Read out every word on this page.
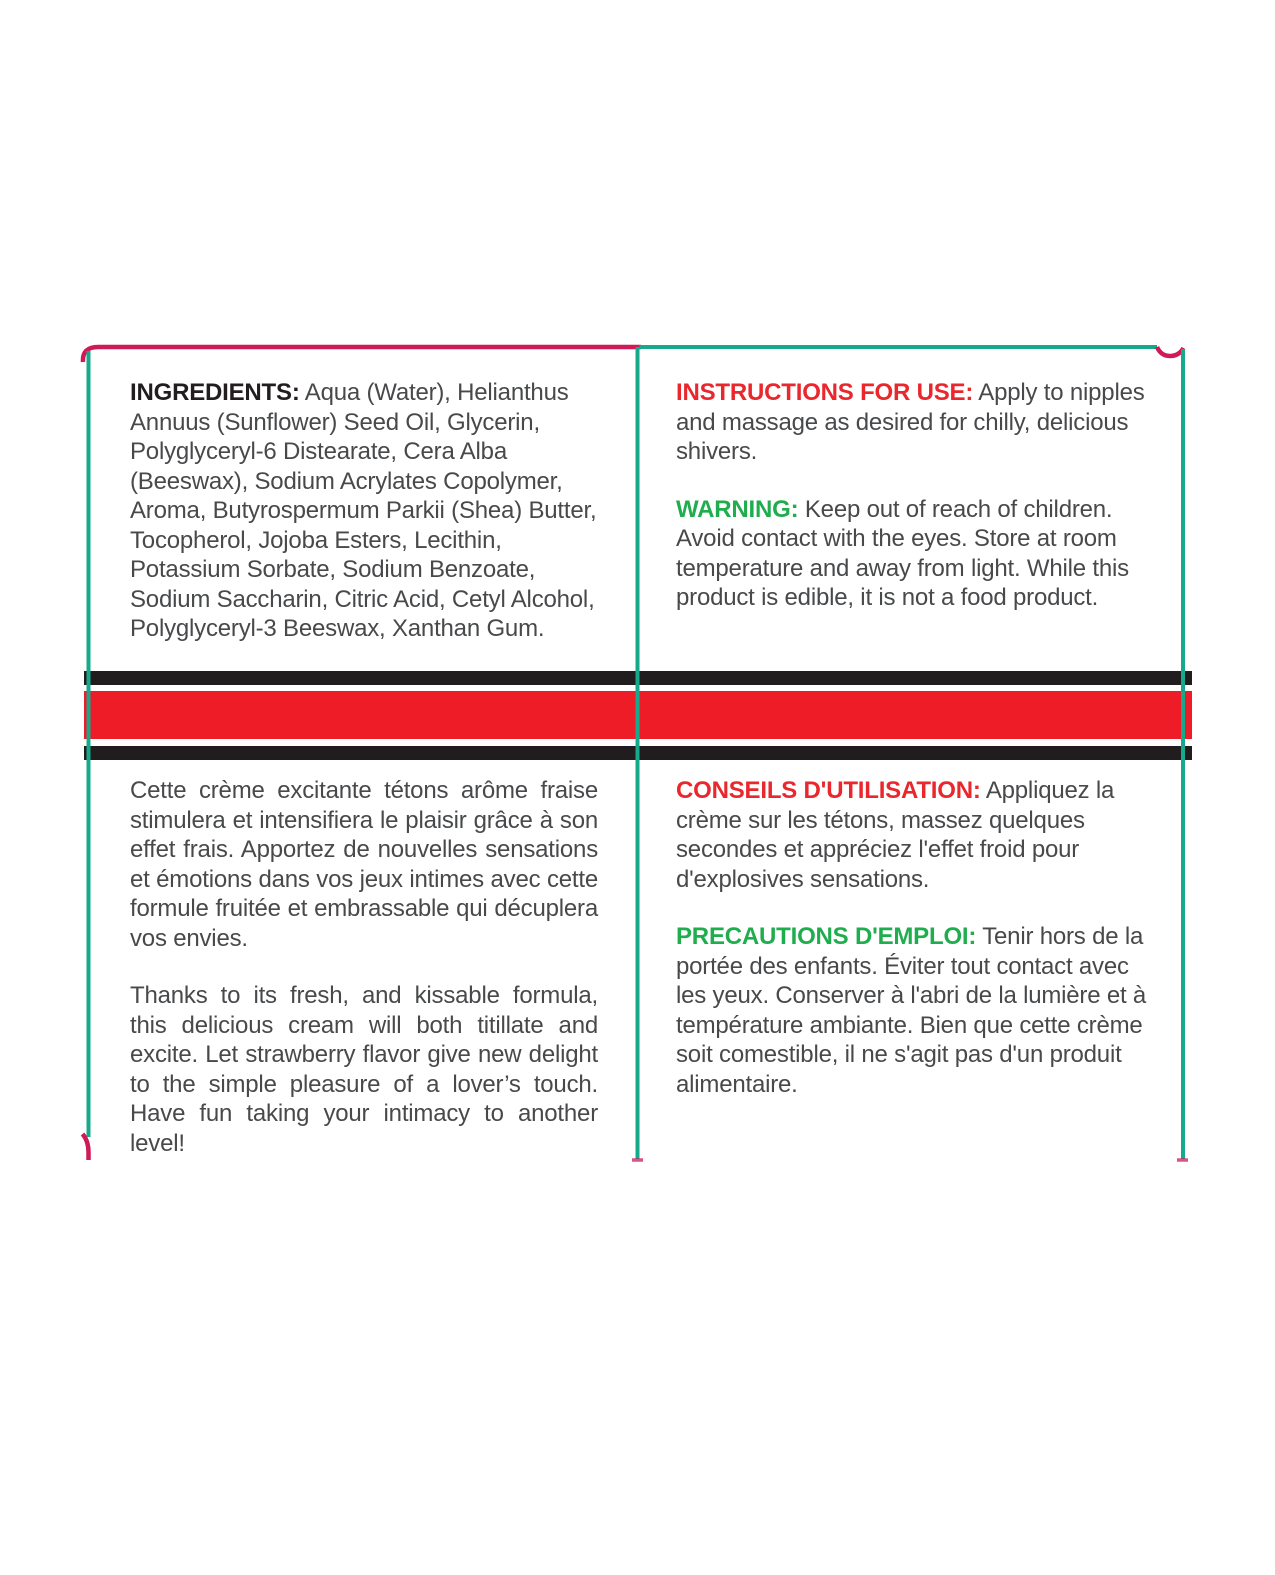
INGREDIENTS: Aqua (Water), Helianthus Annuus (Sunflower) Seed Oil, Glycerin, Polyglyceryl-6 Distearate, Cera Alba (Beeswax), Sodium Acrylates Copolymer, Aroma, Butyrospermum Parkii (Shea) Butter, Tocopherol, Jojoba Esters, Lecithin, Potassium Sorbate, Sodium Benzoate, Sodium Saccharin, Citric Acid, Cetyl Alcohol, Polyglyceryl-3 Beeswax, Xanthan Gum.

INSTRUCTIONS FOR USE: Apply to nipples and massage as desired for chilly, delicious shivers.

WARNING: Keep out of reach of children. Avoid contact with the eyes. Store at room temperature and away from light. While this product is edible, it is not a food product.

Cette crème excitante tétons arôme fraise stimulera et intensifiera le plaisir grâce à son effet frais. Apportez de nouvelles sensations et émotions dans vos jeux intimes avec cette formule fruitée et embrassable qui décuplera vos envies.

Thanks to its fresh, and kissable formula, this delicious cream will both titillate and excite. Let strawberry flavor give new delight to the simple pleasure of a lover’s touch. Have fun taking your intimacy to another level!

CONSEILS D'UTILISATION: Appliquez la crème sur les tétons, massez quelques secondes et appréciez l'effet froid pour d'explosives sensations.

PRECAUTIONS D'EMPLOI: Tenir hors de la portée des enfants. Éviter tout contact avec les yeux. Conserver à l'abri de la lumière et à température ambiante. Bien que cette crème soit comestible, il ne s'agit pas d'un produit alimentaire.
